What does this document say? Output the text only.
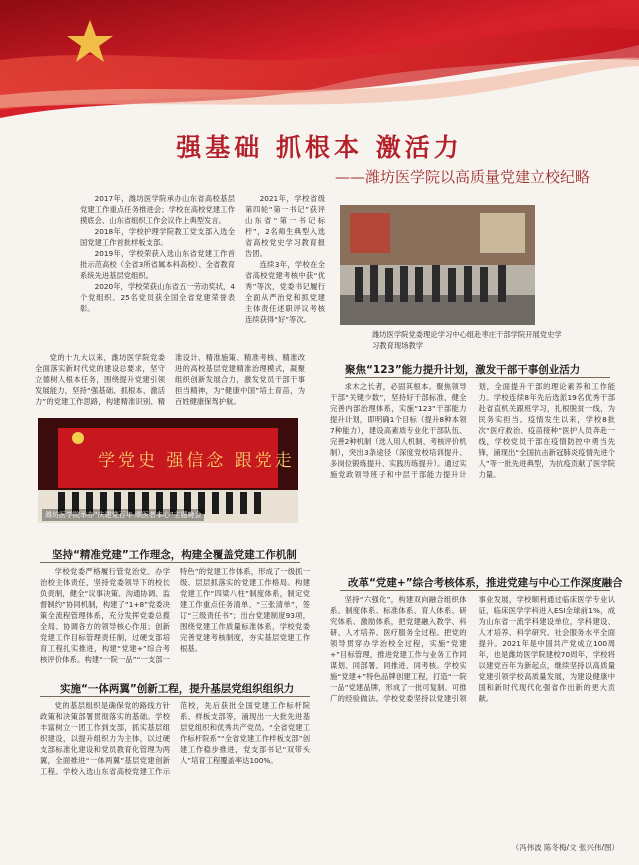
强基础 抓根本 激活力
——潍坊医学院以高质量党建立校纪略

2017年，潍坊医学院承办山东省高校基层党建工作重点任务推进会；学校在高校党建工作摸底会、山东省组织工作会议作上典型发言。

2018年，学校护理学院教工党支部入选全国党建工作首批样板支部。

2019年，学校荣获入选山东省党建工作首批示范高校（全省3所省属本科高校）、全省教育系统先进基层党组织。

2020年，学校荣获山东省五一劳动奖状，4个党组织、25名党员获全国全省党建荣誉表彰。

2021年，学校省级第四轮“第一书记”获评山东省“第一书记标杆”，2名师生典型入选省高校党史学习教育报告团。

连续3年，学校在全省高校党建考核中获“优秀”等次，党委书记履行全面从严治党和抓党建主体责任述职评议考核连续获得“好”等次。

潍坊医学院党委理论学习中心组赴枣庄干部学院开展党史学习教育现场教学

党的十九大以来，潍坊医学院党委全面落实新时代党的建设总要求，坚守立德树人根本任务，围绕提升党建引领发展能力，坚持“强基础、抓根本、激活力”的党建工作思路，构建精准识别、精准设计、精准施策、精准考核、精准改进的高校基层党建精准治理模式，凝聚组织创新发展合力，激发党员干部干事担当精神，为“健康中国”培土育苗，为百姓健康保驾护航。

学党史 强信念 跟党走
潍坊医学院举办“庆建党百年 颂医者本心”主题晚会
聚焦“123”能力提升计划，激发干部干事创业活力

求木之长者，必固其根本。聚焦领导干部“关键少数”，坚持好干部标准，健全完善内部治理体系，实施“123”干部能力提升计划，即明确1个目标（提升8种本领7种能力），建设高素质专业化干部队伍、完善2种机制（选人用人机制、考核评价机制），突出3条途径（深度党校培训提升、多岗位锻炼提升、实践历练提升）。通过实施党政领导班子和中层干部能力提升计划，全面提升干部的理论素养和工作能力。学校连续8年先后选派19名优秀干部赴省直机关跟班学习，扎根脱贫一线，为民务实担当。疫情发生以来，学校8批次“医疗救治、疫苗接种”医护人员奔赴一线，学校党员干部在疫情防控中勇当先锋，涌现出“全国抗击新冠肺炎疫情先进个人”等一批先进典型，为抗疫贡献了医学院力量。

坚持“精准党建”工作理念，构建全覆盖党建工作机制

学校党委严格履行管党治党、办学治校主体责任，坚持党委领导下的校长负责制，健全“议事决策、沟通协调、监督制约”协同机制，构建了“1+8”党委决策全流程管理体系，充分发挥党委总揽全局、协调各方的领导核心作用；创新党建工作目标管理责任制，过硬支部培育工程扎实推进，构建“党建+”综合考核评价体系。构建“一院一品”“一支部一特色”的党建工作体系，形成了一级抓一级、层层抓落实的党建工作格局。构建党建工作“四梁八柱”制度体系，制定党建工作重点任务清单、“三张清单”，签订“三级责任书”；出台党建制度93项，围绕党建工作质量标准体系，学校党委完善党建考核制度，夯实基层党建工作根基。

改革“党建+”综合考核体系，推进党建与中心工作深度融合

坚持“六强化”，构建双向融合组织体系、制度体系、标准体系、育人体系、研究体系、激励体系，把党建融入教学、科研、人才培养、医疗服务全过程。把党的领导贯穿办学治校全过程，实施“党建+”目标管理，推进党建工作与业务工作同谋划、同部署、同推进、同考核。学校实施“党建+”特色品牌创建工程，打造“一院一品”党建品牌，形成了一批可复制、可推广的经验做法。学校党委坚持以党建引领事业发展，学校顺利通过临床医学专业认证，临床医学学科进入ESI全球前1%，成为山东省一流学科建设单位，学科建设、人才培养、科学研究、社会服务水平全面提升。2021年是中国共产党成立100周年，也是潍坊医学院建校70周年，学校将以建党百年为新起点，继续坚持以高质量党建引领学校高质量发展，为建设健康中国和新时代现代化强省作出新的更大贡献。

实施“一体两翼”创新工程，提升基层党组织组织力

党的基层组织是确保党的路线方针政策和决策部署贯彻落实的基础。学校丰富树立一团工作到支部，抓实基层组织建设，以提升组织力为主体，以过硬支部标准化建设和党员教育化管理为两翼，全面推进“一体两翼”基层党建创新工程。学校入选山东省高校党建工作示范校，先后获批全国党建工作标杆院系、样板支部等，涌现出一大批先进基层党组织和优秀共产党员。“全省党建工作标杆院系”“全省党建工作样板支部”创建工作稳步推进，党支部书记“双带头人”培育工程覆盖率达100%。

（冯伟波 陈冬梅/文 张兴伟/图）
